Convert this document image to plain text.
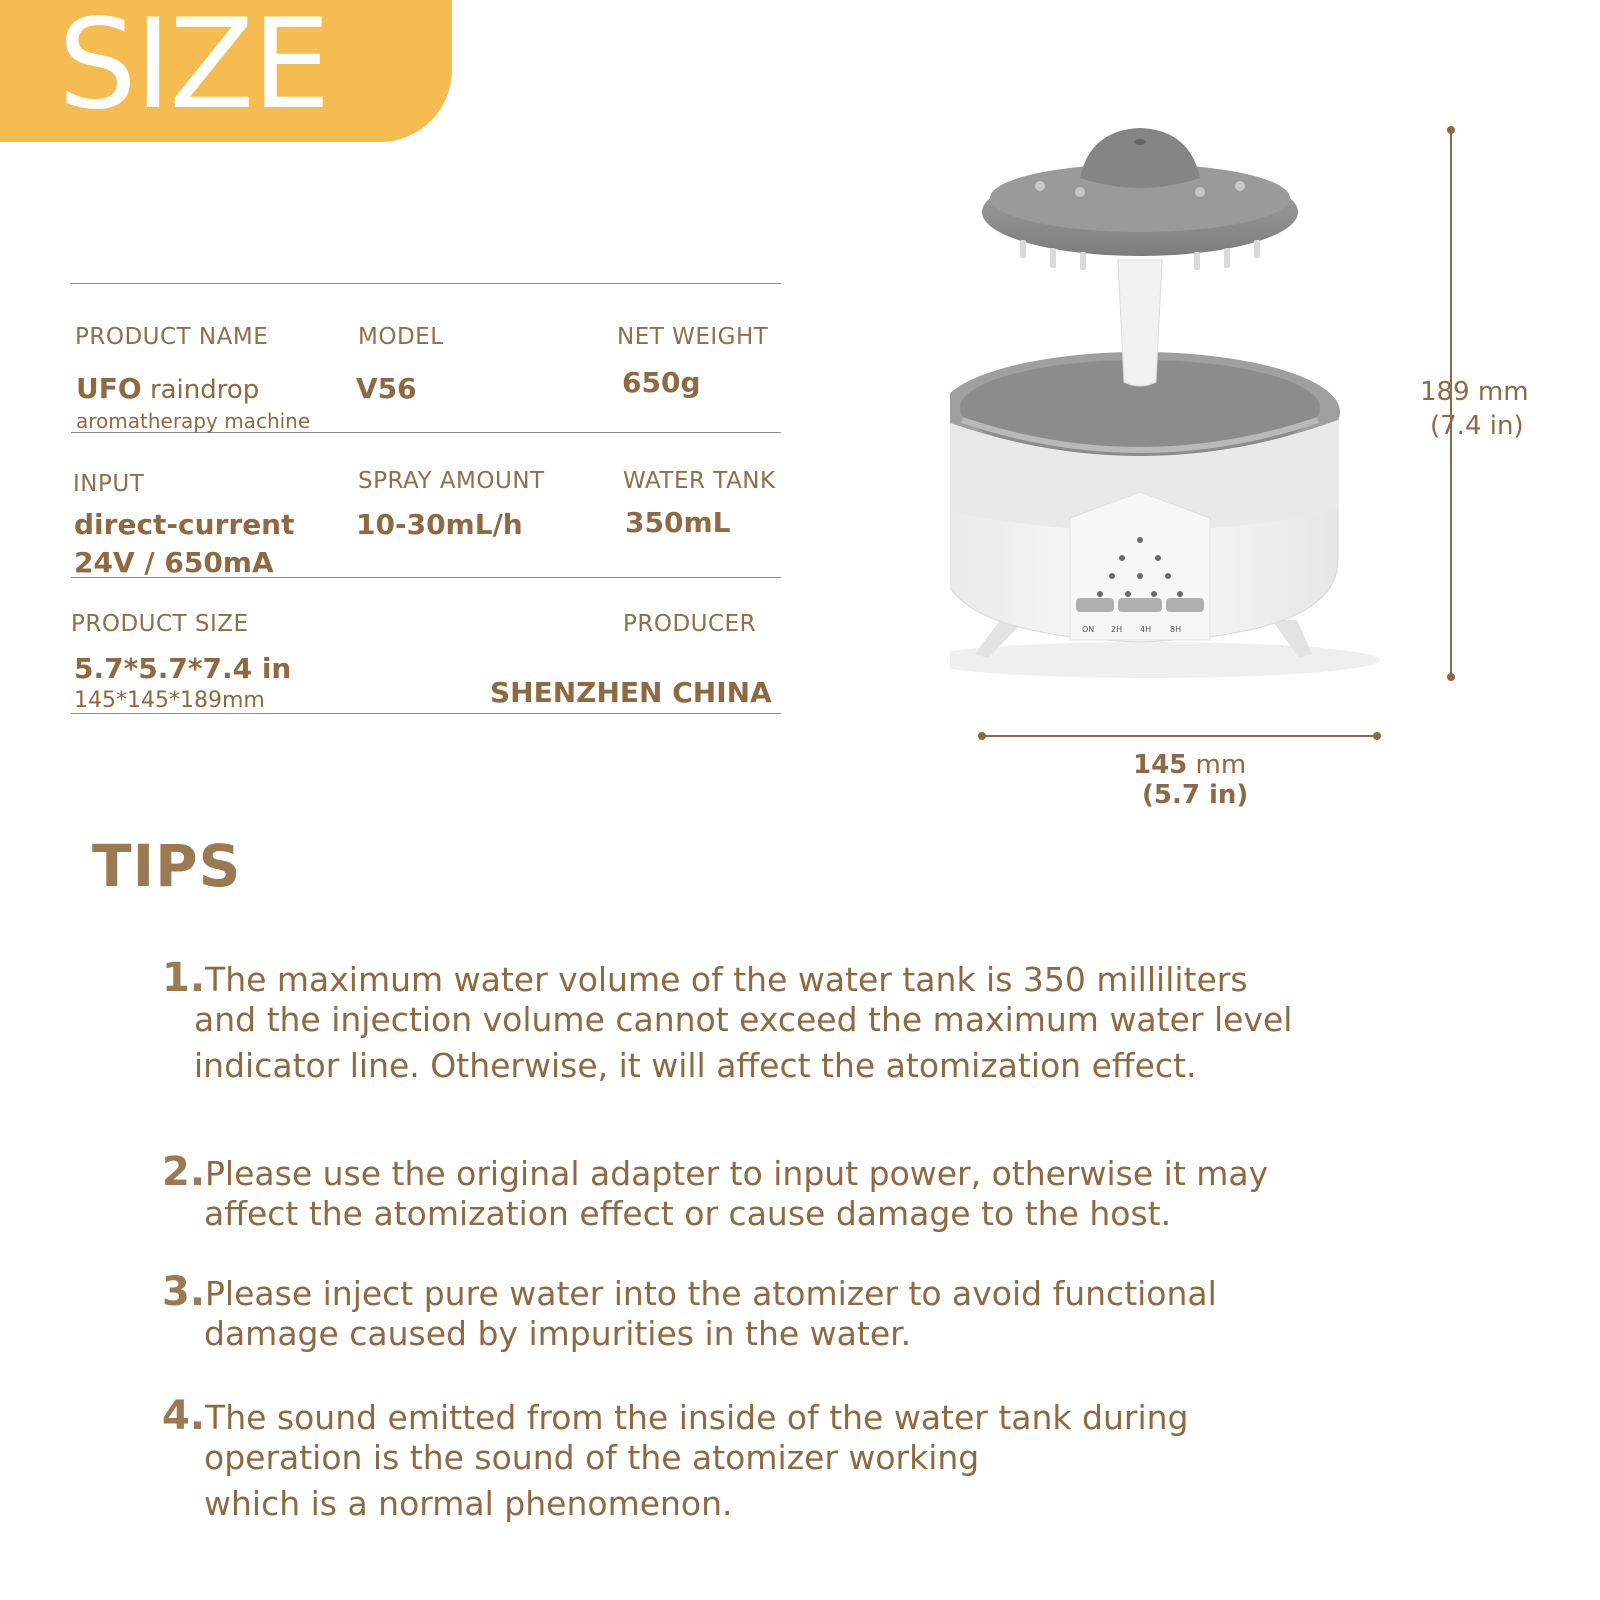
SIZE
PRODUCT NAME
UFO raindrop
aromatherapy machine
MODEL
V56
NET WEIGHT
650g
INPUT
direct-current
24V / 650mA
SPRAY AMOUNT
10-30mL/h
WATER TANK
350mL
PRODUCT SIZE
5.7*5.7*7.4 in
145*145*189mm
PRODUCER
SHENZHEN CHINA
ON 2H 4H 8H
189 mm
(7.4 in)
145 mm
(5.7 in)
TIPS
1.The maximum water volume of the water tank is 350 milliliters
and the injection volume cannot exceed the maximum water level
indicator line. Otherwise, it will affect the atomization effect.
2.Please use the original adapter to input power, otherwise it may
affect the atomization effect or cause damage to the host.
3.Please inject pure water into the atomizer to avoid functional
damage caused by impurities in the water.
4.The sound emitted from the inside of the water tank during
operation is the sound of the atomizer working
which is a normal phenomenon.
